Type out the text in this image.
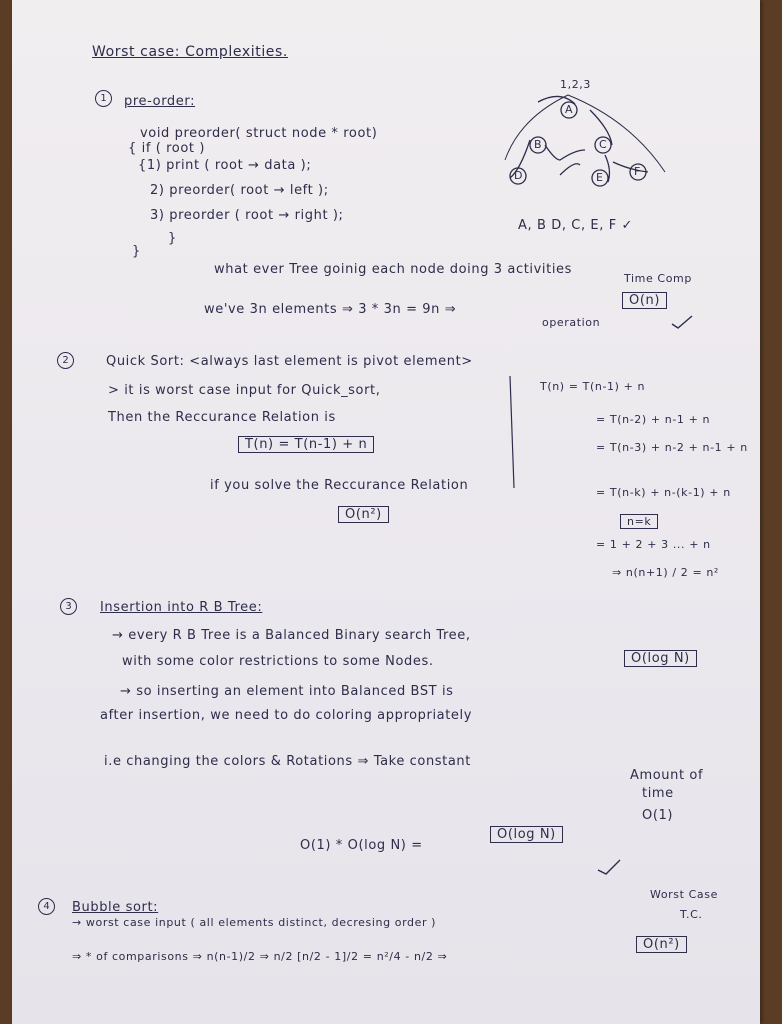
Worst case: Complexities.
1	pre-order:
void preorder( struct node * root)
{ if ( root )
{1) print ( root → data );
2) preorder( root → left );
3) preorder ( root → right );
}
}
1,2,3
A
B	C
D	E	F
A, B D, C, E, F ✓
what ever Tree goinig each node doing 3 activities
Time Comp
we've 3n elements ⇒ 3 * 3n = 9n ⇒
operation
O(n)
2	Quick Sort: <always last element is pivot element>
> it is worst case input for Quick_sort,
Then the Reccurance Relation is
T(n) = T(n-1) + n
if you solve the Reccurance Relation
O(n²)
T(n) = T(n-1) + n
= T(n-2) + n-1 + n
= T(n-3) + n-2 + n-1 + n
= T(n-k) + n-(k-1) + n
n=k
= 1 + 2 + 3 ... + n
⇒ n(n+1) / 2 = n²
3	Insertion into R B Tree:
→ every R B Tree is a Balanced Binary search Tree,
with some color restrictions to some Nodes.
→ so inserting an element into Balanced BST is
O(log N)
after insertion, we need to do coloring appropriately
i.e changing the colors & Rotations ⇒ Take constant
Amount of
time
O(1)
O(1) * O(log N) =
O(log N)
4	Bubble sort:
→ worst case input ( all elements distinct, decresing order )
Worst Case
T.C.
⇒ * of comparisons ⇒ n(n-1)/2 ⇒ n/2 [n/2 - 1]/2 = n²/4 - n/2 ⇒
O(n²)
